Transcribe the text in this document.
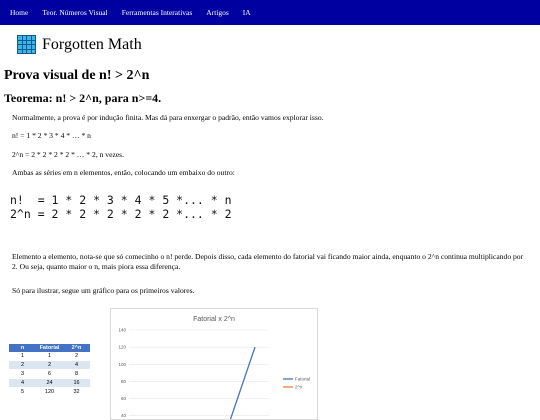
Home Teor. Números Visual Ferramentas Interativas Artigos IA
Forgotten Math
Prova visual de n! > 2^n
Teorema: n! > 2^n, para n>=4.

Normalmente, a prova é por indução finita. Mas dá para enxergar o padrão, então vamos explorar isso.

n! = 1 * 2 * 3 * 4 * … * n

2^n = 2 * 2 * 2 * 2 * … * 2, n vezes.

Ambas as séries em n elementos, então, colocando um embaixo do outro:

n!  = 1 * 2 * 3 * 4 * 5 *... * n
2^n = 2 * 2 * 2 * 2 * 2 *... * 2

Elemento a elemento, nota-se que só comecinho o n! perde. Depois disso, cada elemento do fatorial vai ficando maior ainda, enquanto o 2^n continua multiplicando por 2. Ou seja, quanto maior o n, mais piora essa diferença.

Só para ilustrar, segue um gráfico para os primeiros valores.

n	Fatorial	2^n
1	1	2
2	2	4
3	6	8
4	24	16
5	120	32
Fatorial x 2^n
140
120
100
80
60
40
Fatorial
2^n
